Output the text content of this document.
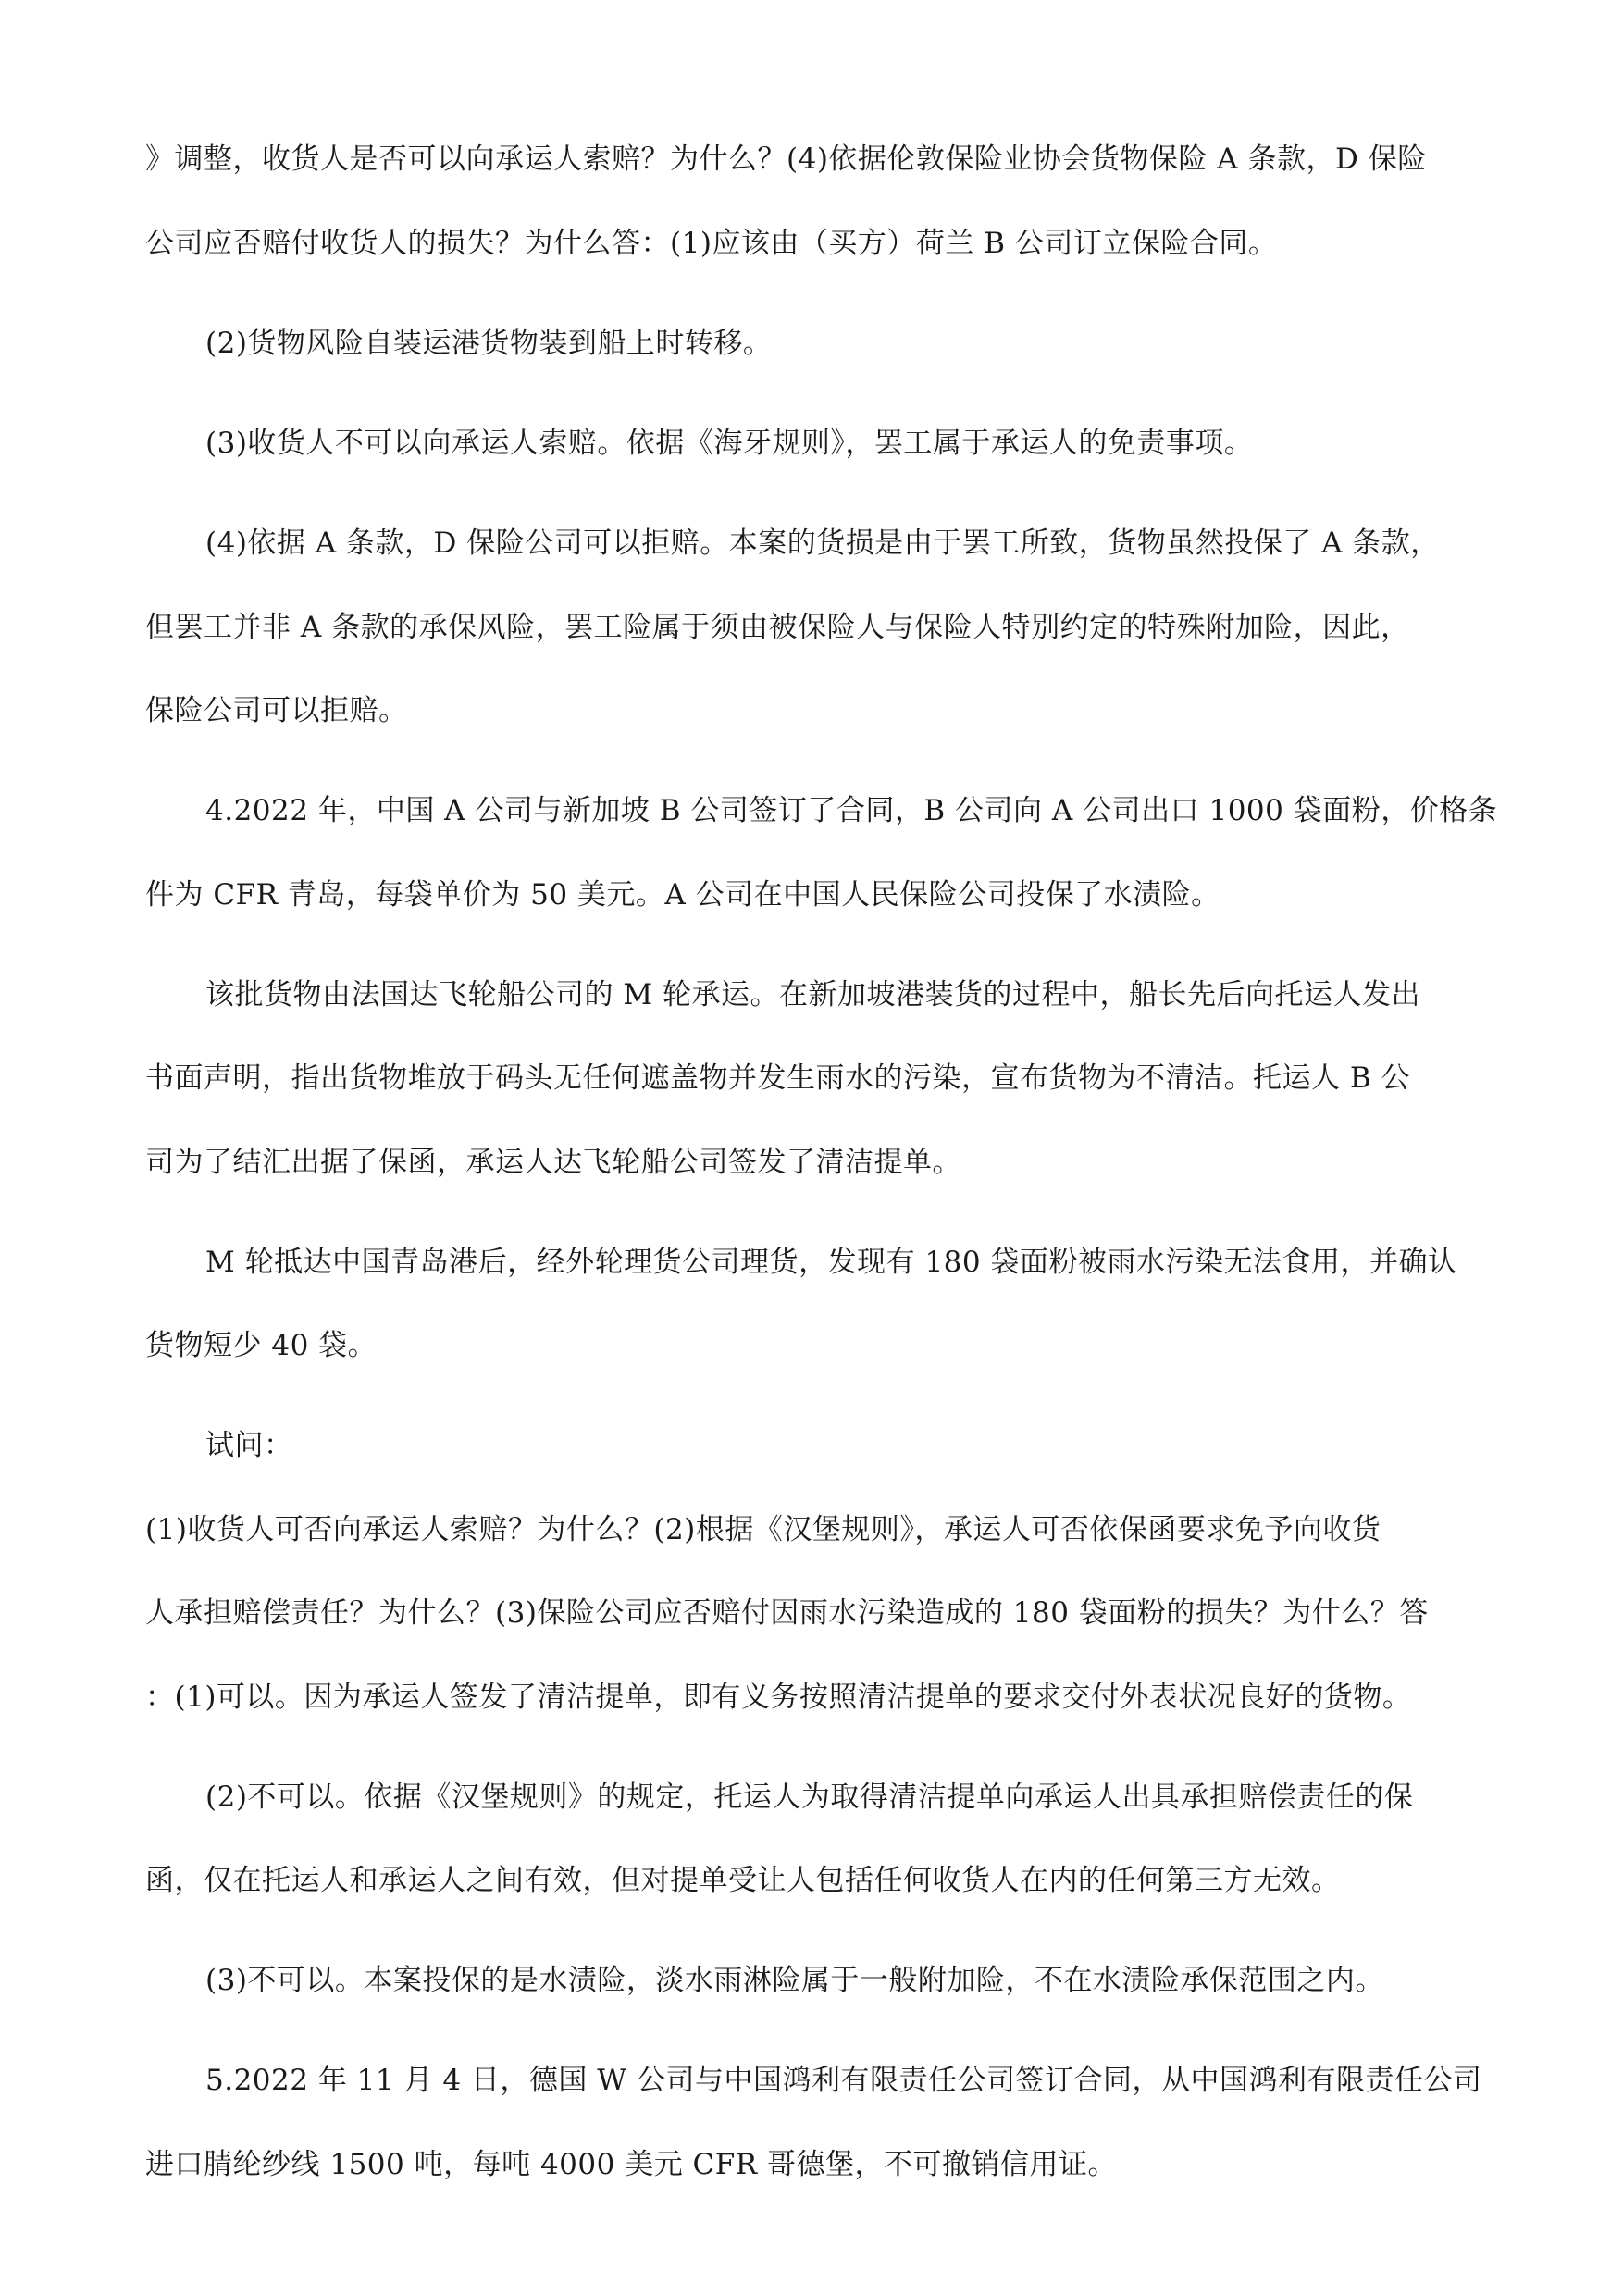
》调整，收货人是否可以向承运人索赔？为什么？(4)依据伦敦保险业协会货物保险 A 条款，D 保险
公司应否赔付收货人的损失？为什么答：(1)应该由（买方）荷兰 B 公司订立保险合同。
(2)货物风险自装运港货物装到船上时转移。
(3)收货人不可以向承运人索赔。依据《海牙规则》，罢工属于承运人的免责事项。
(4)依据 A 条款，D 保险公司可以拒赔。本案的货损是由于罢工所致，货物虽然投保了 A 条款，
但罢工并非 A 条款的承保风险，罢工险属于须由被保险人与保险人特别约定的特殊附加险，因此，
保险公司可以拒赔。
4.2022 年，中国 A 公司与新加坡 B 公司签订了合同，B 公司向 A 公司出口 1000 袋面粉，价格条
件为 CFR 青岛，每袋单价为 50 美元。A 公司在中国人民保险公司投保了水渍险。
该批货物由法国达飞轮船公司的 M 轮承运。在新加坡港装货的过程中，船长先后向托运人发出
书面声明，指出货物堆放于码头无任何遮盖物并发生雨水的污染，宣布货物为不清洁。托运人 B 公
司为了结汇出据了保函，承运人达飞轮船公司签发了清洁提单。
M 轮抵达中国青岛港后，经外轮理货公司理货，发现有 180 袋面粉被雨水污染无法食用，并确认
货物短少 40 袋。
试问：
(1)收货人可否向承运人索赔？为什么？(2)根据《汉堡规则》，承运人可否依保函要求免予向收货
人承担赔偿责任？为什么？(3)保险公司应否赔付因雨水污染造成的 180 袋面粉的损失？为什么？答
：(1)可以。因为承运人签发了清洁提单，即有义务按照清洁提单的要求交付外表状况良好的货物。
(2)不可以。依据《汉堡规则》的规定，托运人为取得清洁提单向承运人出具承担赔偿责任的保
函，仅在托运人和承运人之间有效，但对提单受让人包括任何收货人在内的任何第三方无效。
(3)不可以。本案投保的是水渍险，淡水雨淋险属于一般附加险，不在水渍险承保范围之内。
5.2022 年 11 月 4 日，德国 W 公司与中国鸿利有限责任公司签订合同，从中国鸿利有限责任公司
进口腈纶纱线 1500 吨，每吨 4000 美元 CFR 哥德堡，不可撤销信用证。
